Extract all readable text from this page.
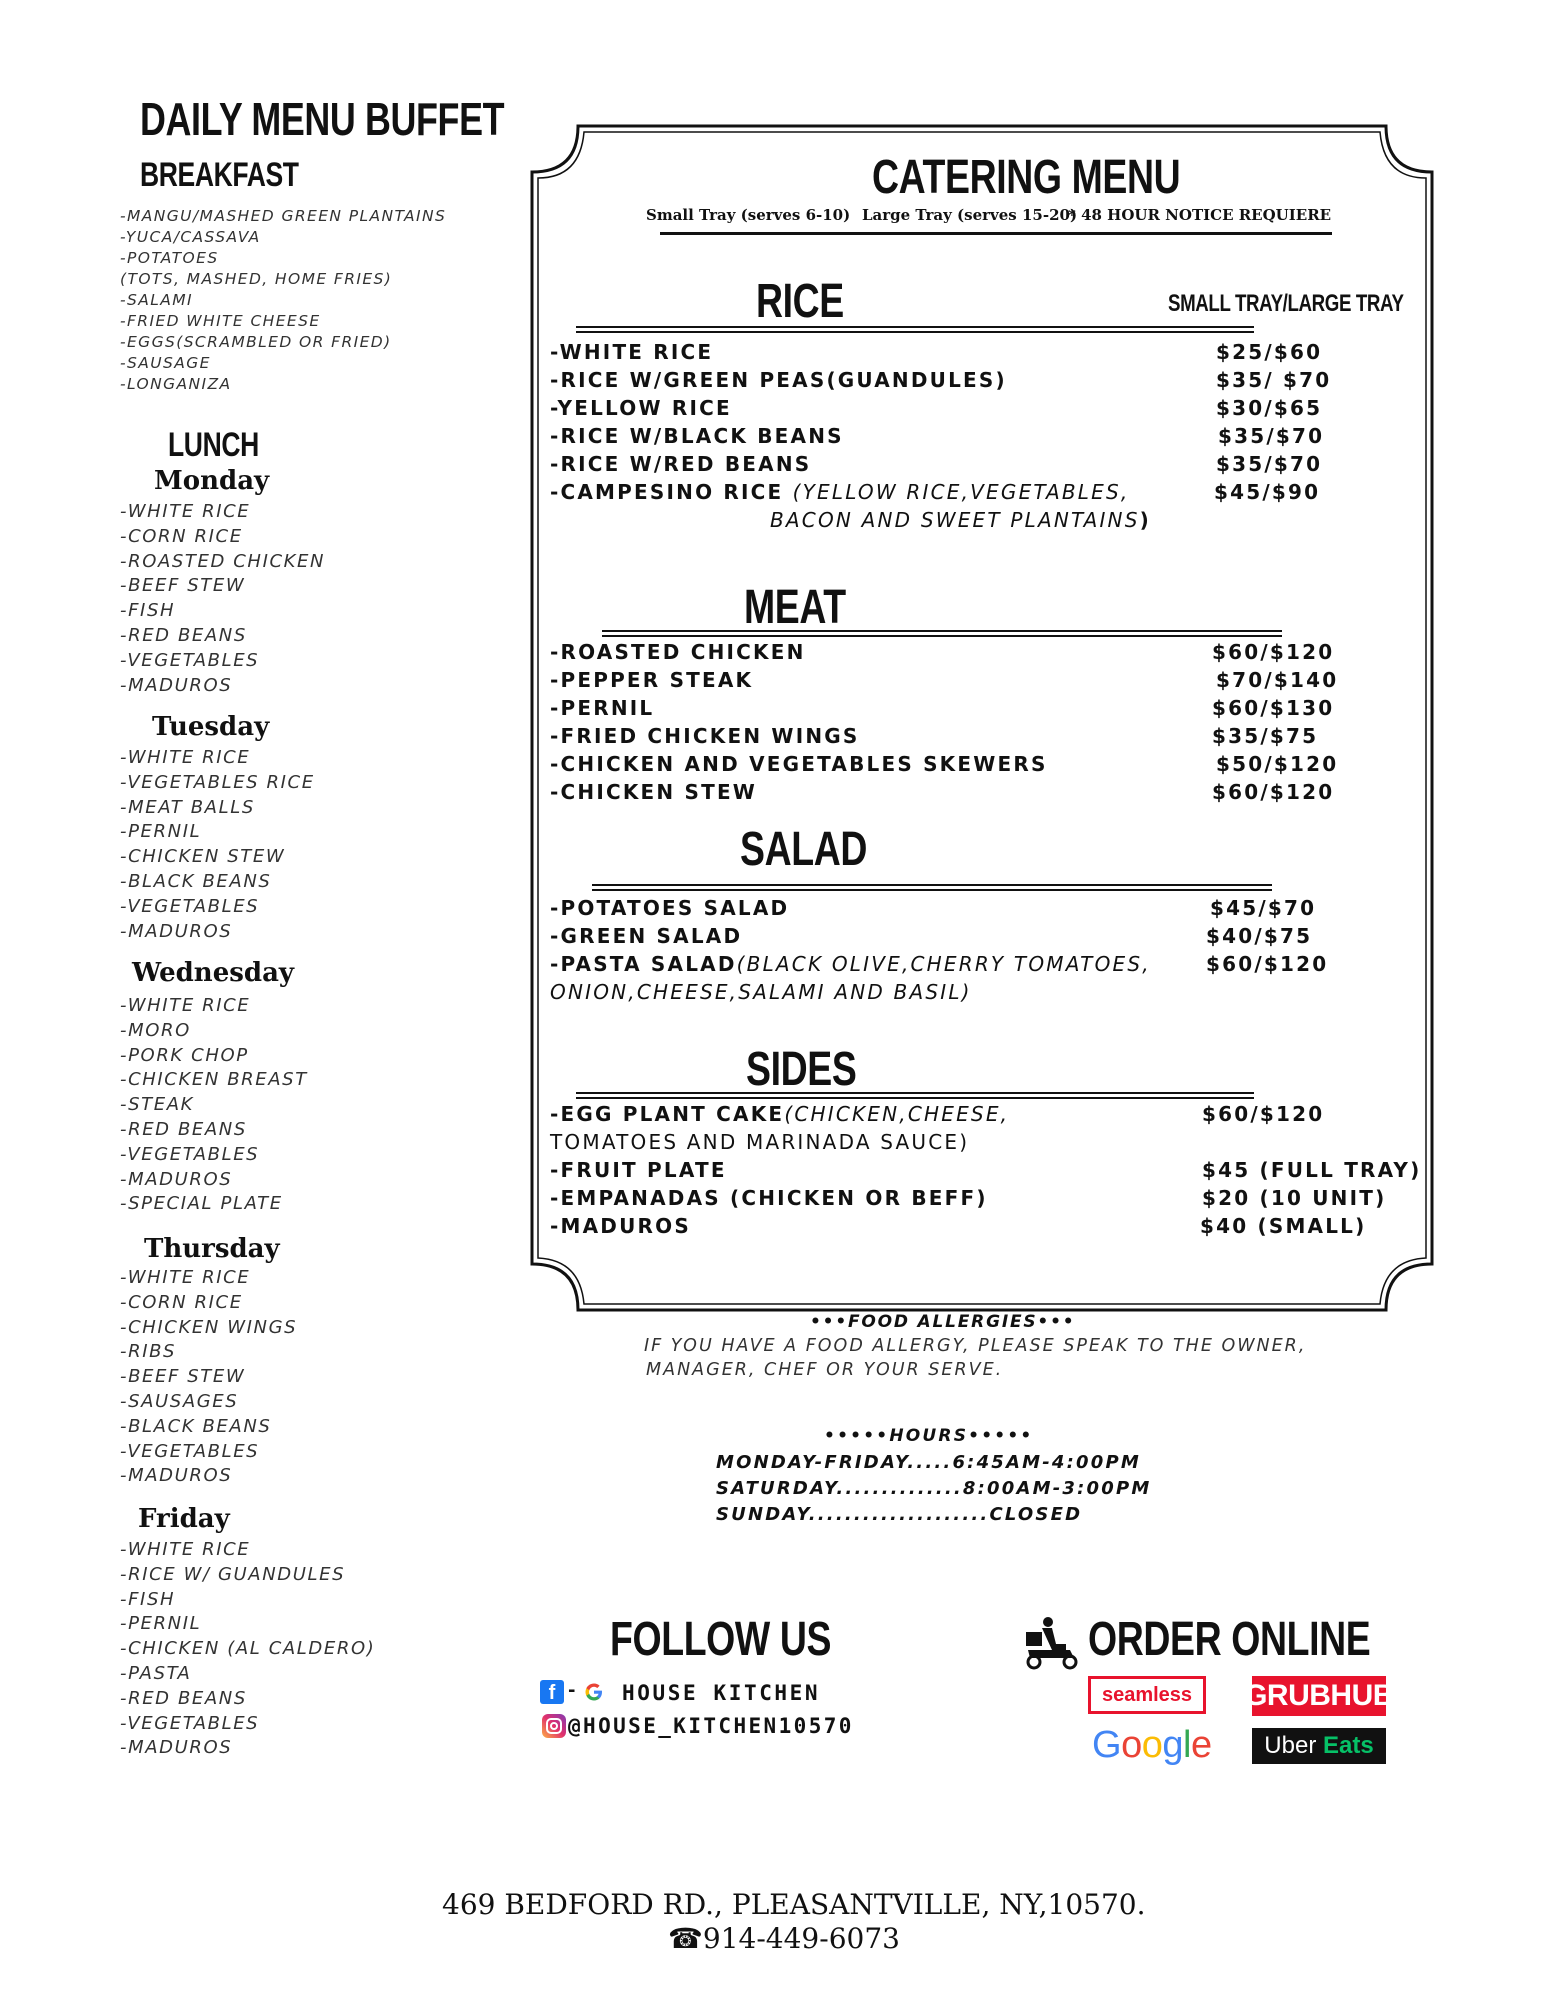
DAILY MENU BUFFET
BREAKFAST
-MANGU/MASHED GREEN PLANTAINS
-YUCA/CASSAVA
-POTATOES
(TOTS, MASHED, HOME FRIES)
-SALAMI
-FRIED WHITE CHEESE
-EGGS(SCRAMBLED OR FRIED)
-SAUSAGE
-LONGANIZA
LUNCH
Monday
-WHITE RICE
-CORN RICE
-ROASTED CHICKEN
-BEEF STEW
-FISH
-RED BEANS
-VEGETABLES
-MADUROS
Tuesday
-WHITE RICE
-VEGETABLES RICE
-MEAT BALLS
-PERNIL
-CHICKEN STEW
-BLACK BEANS
-VEGETABLES
-MADUROS
Wednesday
-WHITE RICE
-MORO
-PORK CHOP
-CHICKEN BREAST
-STEAK
-RED BEANS
-VEGETABLES
-MADUROS
-SPECIAL PLATE
Thursday
-WHITE RICE
-CORN RICE
-CHICKEN WINGS
-RIBS
-BEEF STEW
-SAUSAGES
-BLACK BEANS
-VEGETABLES
-MADUROS
Friday
-WHITE RICE
-RICE W/ GUANDULES
-FISH
-PERNIL
-CHICKEN (AL CALDERO)
-PASTA
-RED BEANS
-VEGETABLES
-MADUROS
CATERING MENU
Small Tray (serves 6-10) Large Tray (serves 15-20)
* 48 HOUR NOTICE REQUIERE
RICE	SMALL TRAY/LARGE TRAY
-WHITE RICE	$25/$60
-RICE W/GREEN PEAS(GUANDULES)	$35/ $70
-YELLOW RICE	$30/$65
-RICE W/BLACK BEANS	$35/$70
-RICE W/RED BEANS	$35/$70
-CAMPESINO RICE (YELLOW RICE,VEGETABLES,	$45/$90
BACON AND SWEET PLANTAINS)
MEAT
-ROASTED CHICKEN	$60/$120
-PEPPER STEAK	$70/$140
-PERNIL	$60/$130
-FRIED CHICKEN WINGS	$35/$75
-CHICKEN AND VEGETABLES SKEWERS	$50/$120
-CHICKEN STEW	$60/$120
SALAD
-POTATOES SALAD	$45/$70
-GREEN SALAD	$40/$75
-PASTA SALAD(BLACK OLIVE,CHERRY TOMATOES,	$60/$120
ONION,CHEESE,SALAMI AND BASIL)
SIDES
-EGG PLANT CAKE(CHICKEN,CHEESE,	$60/$120
TOMATOES AND MARINADA SAUCE)
-FRUIT PLATE	$45 (FULL TRAY)
-EMPANADAS (CHICKEN OR BEFF)	$20 (10 UNIT)
-MADUROS	$40 (SMALL)
•••FOOD ALLERGIES•••
IF YOU HAVE A FOOD ALLERGY, PLEASE SPEAK TO THE OWNER,
MANAGER, CHEF OR YOUR SERVE.
•••••HOURS•••••
MONDAY-FRIDAY.....6:45AM-4:00PM
SATURDAY..............8:00AM-3:00PM
SUNDAY....................CLOSED
FOLLOW US
f - HOUSE KITCHEN
@HOUSE_KITCHEN10570
ORDER ONLINE
seamless	GRUBHUB
Google Uber
Eats
469 BEDFORD RD., PLEASANTVILLE, NY,10570.
☎914-449-6073
